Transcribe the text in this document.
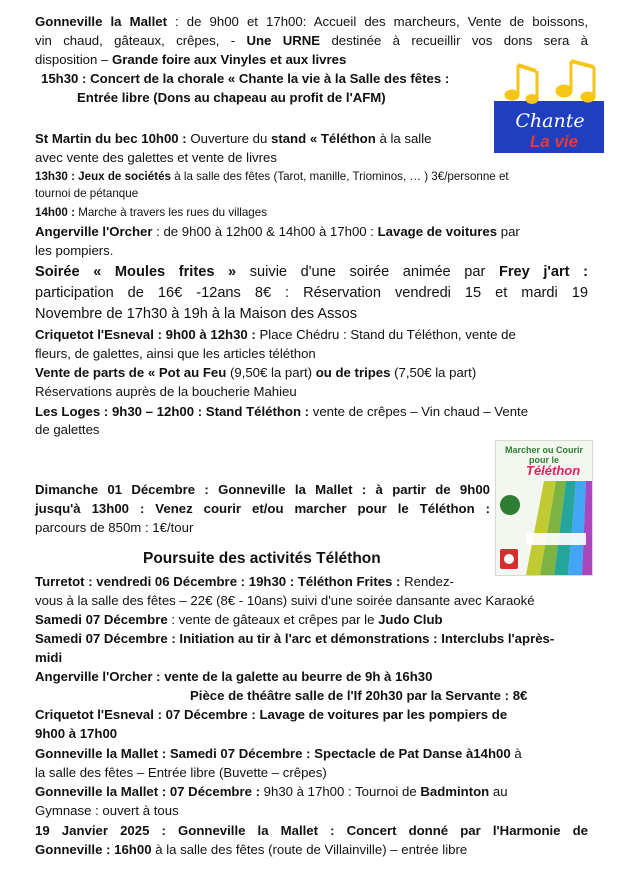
Gonneville la Mallet : de 9h00 et 17h00: Accueil des marcheurs, Vente de boissons,
vin chaud, gâteaux, crêpes, - Une URNE destinée à recueillir vos dons sera à
disposition – Grande foire aux Vinyles et aux livres
15h30 : Concert de la chorale « Chante la vie à la Salle des fêtes :
Entrée libre (Dons au chapeau au profit de l'AFM)
Chante
La vie
St Martin du bec 10h00 : Ouverture du stand « Téléthon à la salle
avec vente des galettes et vente de livres
13h30 : Jeux de sociétés à la salle des fêtes (Tarot, manille, Triominos, … ) 3€/personne et
tournoi de pétanque
14h00 : Marche à travers les rues du villages
Angerville l'Orcher : de 9h00 à 12h00 & 14h00 à 17h00 : Lavage de voitures par
les pompiers.
Soirée « Moules frites » suivie d'une soirée animée par Frey j'art :
participation de 16€ -12ans 8€ : Réservation vendredi 15 et mardi 19
Novembre de 17h30 à 19h à la Maison des Assos
Criquetot l'Esneval : 9h00 à 12h30 : Place Chédru : Stand du Téléthon, vente de
fleurs, de galettes, ainsi que les articles téléthon
Vente de parts de « Pot au Feu (9,50€ la part) ou de tripes (7,50€ la part)
Réservations auprès de la boucherie Mahieu
Les Loges : 9h30 – 12h00 : Stand Téléthon : vente de crêpes – Vin chaud – Vente
de galettes
Marcher ou Courir pour le
Téléthon
Dimanche 01 Décembre : Gonneville la Mallet : à partir de 9h00
jusqu'à 13h00 : Venez courir et/ou marcher pour le Téléthon :
parcours de 850m : 1€/tour
Poursuite des activités Téléthon
Turretot : vendredi 06 Décembre : 19h30 : Téléthon Frites : Rendez-
vous à la salle des fêtes – 22€ (8€ - 10ans) suivi d'une soirée dansante avec Karaoké
Samedi 07 Décembre : vente de gâteaux et crêpes par le Judo Club
Samedi 07 Décembre : Initiation au tir à l'arc et démonstrations : Interclubs l'après-
midi
Angerville l'Orcher : vente de la galette au beurre de 9h à 16h30
Pièce de théâtre salle de l'If 20h30 par la Servante : 8€
Criquetot l'Esneval : 07 Décembre : Lavage de voitures par les pompiers de
9h00 à 17h00
Gonneville la Mallet : Samedi 07 Décembre : Spectacle de Pat Danse à14h00 à
la salle des fêtes – Entrée libre (Buvette – crêpes)
Gonneville la Mallet : 07 Décembre : 9h30 à 17h00 : Tournoi de Badminton au
Gymnase : ouvert à tous
19 Janvier 2025 : Gonneville la Mallet : Concert donné par l'Harmonie de
Gonneville : 16h00 à la salle des fêtes (route de Villainville) – entrée libre
